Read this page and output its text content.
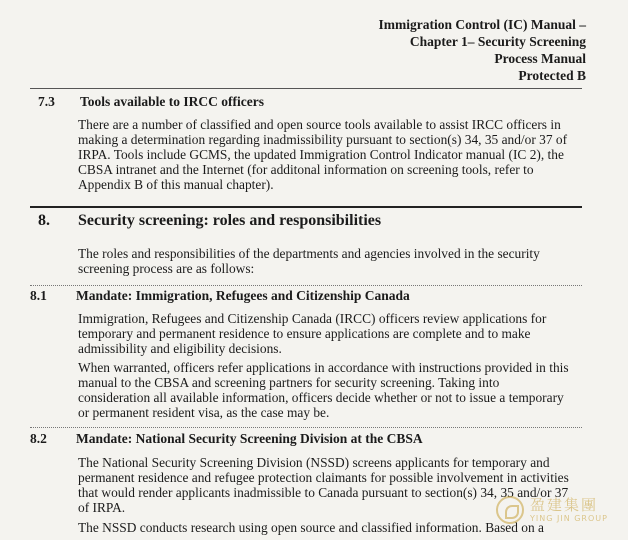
Immigration Control (IC) Manual –
Chapter 1– Security Screening
Process Manual
Protected B
7.3 Tools available to IRCC officers
There are a number of classified and open source tools available to assist IRCC officers in
making a determination regarding inadmissibility pursuant to section(s) 34, 35 and/or 37 of
IRPA. Tools include GCMS, the updated Immigration Control Indicator manual (IC 2), the
CBSA intranet and the Internet (for additonal information on screening tools, refer to
Appendix B of this manual chapter).
8. Security screening: roles and responsibilities
The roles and responsibilities of the departments and agencies involved in the security
screening process are as follows:
8.1 Mandate: Immigration, Refugees and Citizenship Canada
Immigration, Refugees and Citizenship Canada (IRCC) officers review applications for
temporary and permanent residence to ensure applications are complete and to make
admissibility and eligibility decisions.
When warranted, officers refer applications in accordance with instructions provided in this
manual to the CBSA and screening partners for security screening. Taking into
consideration all available information, officers decide whether or not to issue a temporary
or permanent resident visa, as the case may be.
8.2 Mandate: National Security Screening Division at the CBSA
The National Security Screening Division (NSSD) screens applicants for temporary and
permanent residence and refugee protection claimants for possible involvement in activities
that would render applicants inadmissible to Canada pursuant to section(s) 34, 35 and/or 37
of IRPA.
The NSSD conducts research using open source and classified information. Based on a
盈建集團
YING JIN GROUP
